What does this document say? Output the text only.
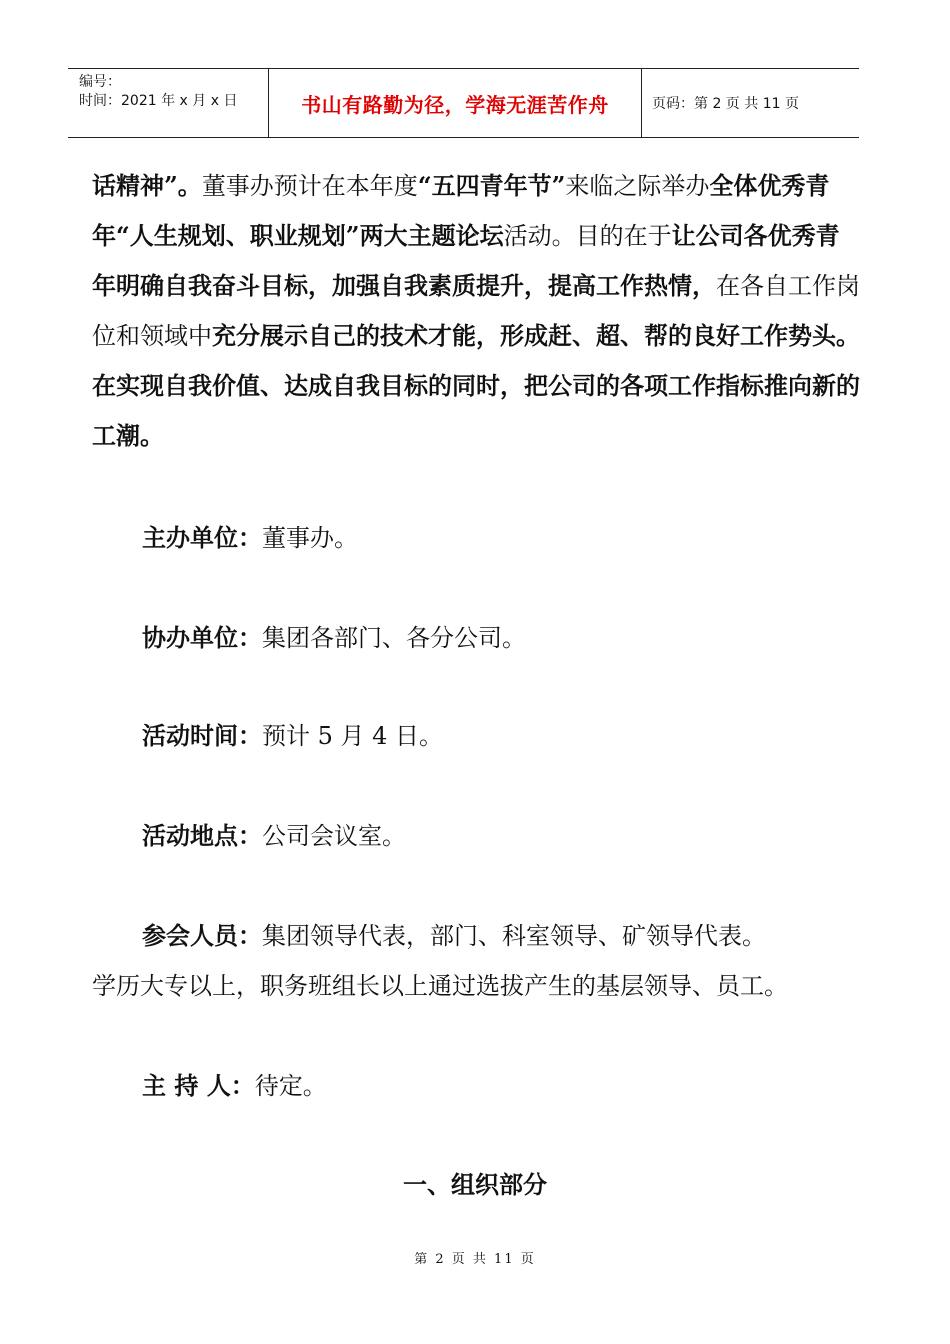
编号：
时间：2021 年 x 月 x 日	书山有路勤为径，学海无涯苦作舟	页码：第 2 页 共 11 页

话精神”。董事办预计在本年度“五四青年节”来临之际举办全体优秀青年“人生规划、职业规划”两大主题论坛活动。目的在于让公司各优秀青年明确自我奋斗目标，加强自我素质提升，提高工作热情，在各自工作岗位和领域中充分展示自己的技术才能，形成赶、超、帮的良好工作势头。在实现自我价值、达成自我目标的同时，把公司的各项工作指标推向新的工潮。

主办单位：董事办。
协办单位：集团各部门、各分公司。
活动时间：预计 5 月 4 日。
活动地点：公司会议室。
参会人员：集团领导代表，部门、科室领导、矿领导代表。
学历大专以上，职务班组长以上通过选拔产生的基层领导、员工。
主 持 人：待定。
一、组织部分
第 2 页 共 11 页
